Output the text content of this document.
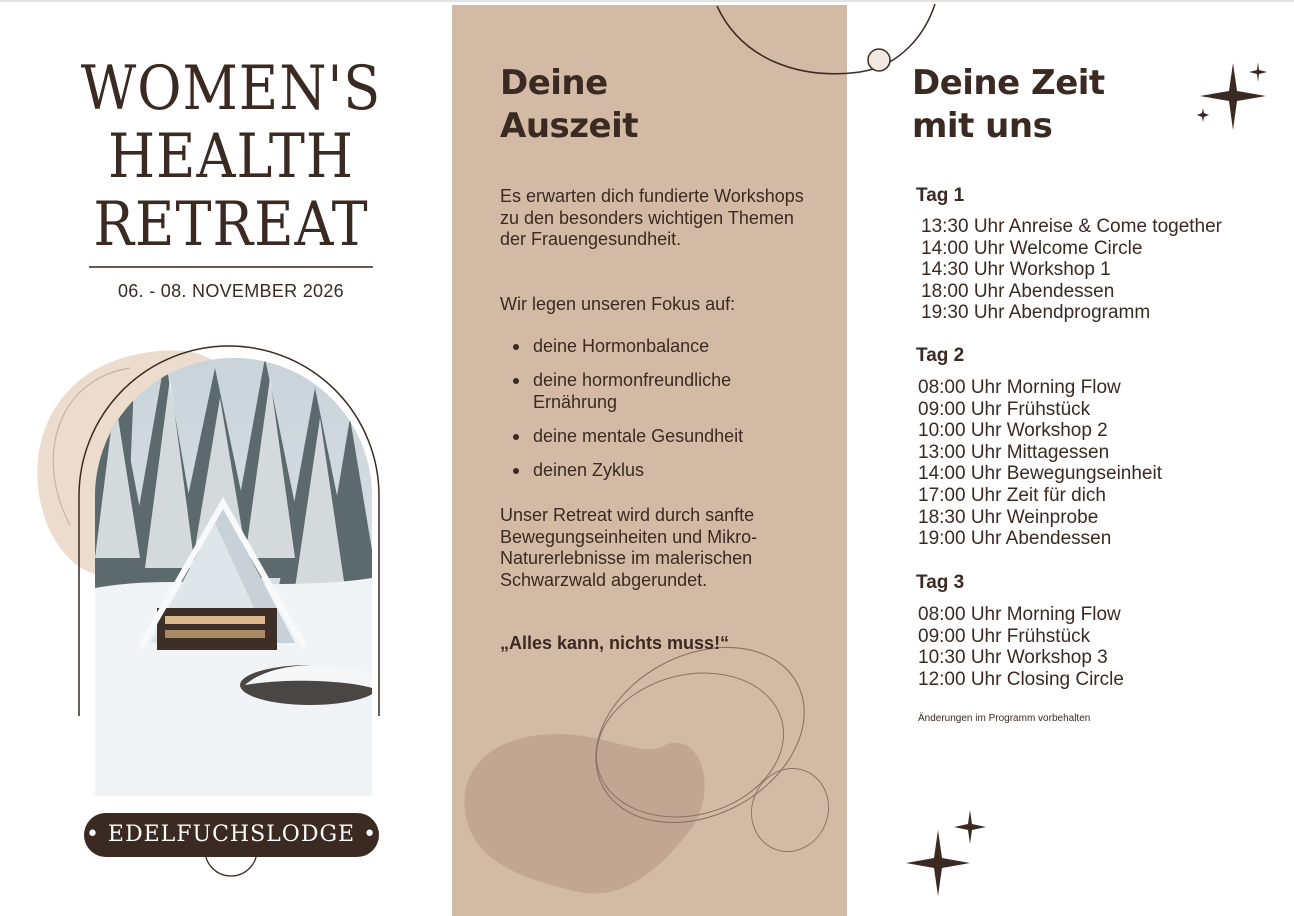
WOMEN'S
HEALTH
RETREAT
06. - 08. NOVEMBER 2026
• EDELFUCHSLODGE •
Deine
Auszeit

Es erwarten dich fundierte Workshops zu den besonders wichtigen Themen der Frauengesundheit.

Wir legen unseren Fokus auf:

deine Hormonbalance
deine hormonfreundliche Ernährung
deine mentale Gesundheit
deinen Zyklus

Unser Retreat wird durch sanfte Bewegungseinheiten und Mikro-Naturerlebnisse im malerischen Schwarzwald abgerundet.

„Alles kann, nichts muss!“
Deine Zeit
mit uns
Tag 1
13:30 Uhr Anreise & Come together
14:00 Uhr Welcome Circle
14:30 Uhr Workshop 1
18:00 Uhr Abendessen
19:30 Uhr Abendprogramm
Tag 2
08:00 Uhr Morning Flow
09:00 Uhr Frühstück
10:00 Uhr Workshop 2
13:00 Uhr Mittagessen
14:00 Uhr Bewegungseinheit
17:00 Uhr Zeit für dich
18:30 Uhr Weinprobe
19:00 Uhr Abendessen
Tag 3
08:00 Uhr Morning Flow
09:00 Uhr Frühstück
10:30 Uhr Workshop 3
12:00 Uhr Closing Circle
Änderungen im Programm vorbehalten
